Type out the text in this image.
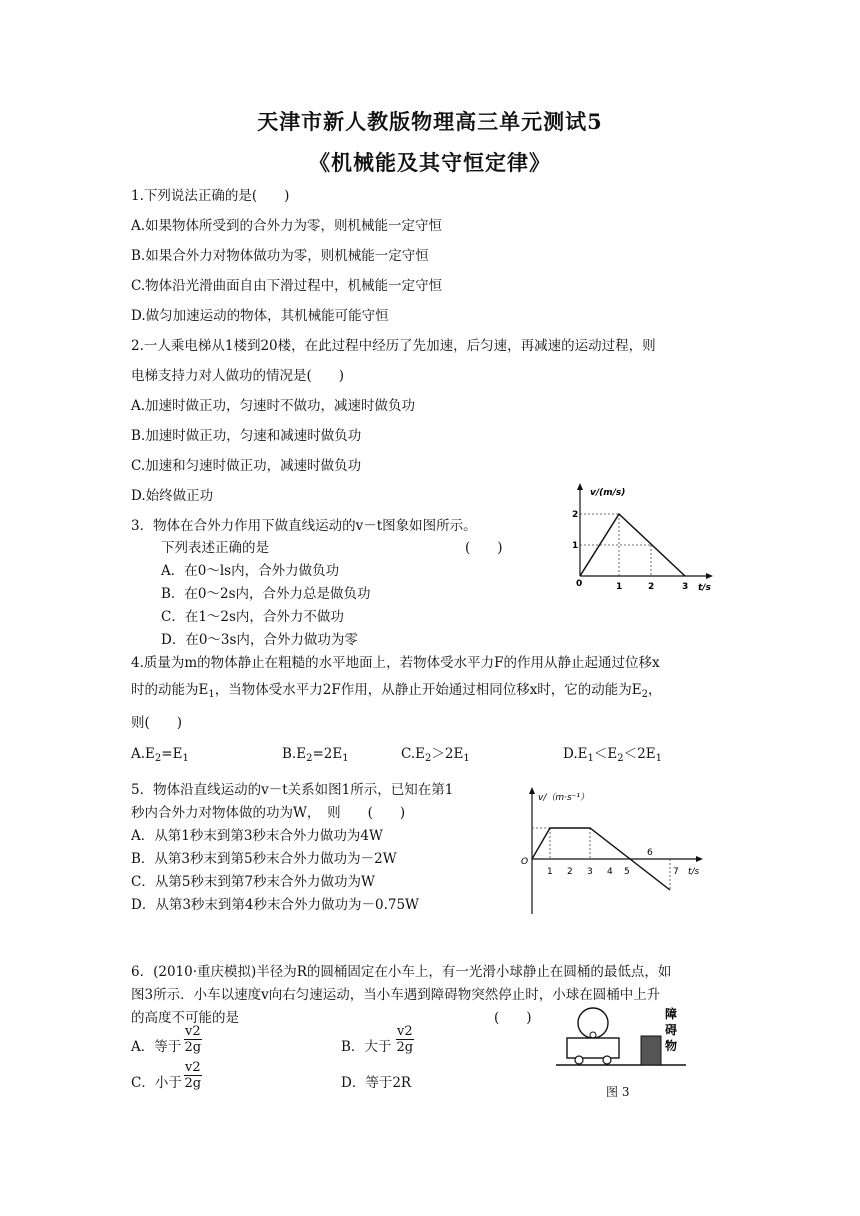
天津市新人教版物理高三单元测试5
《机械能及其守恒定律》
1.下列说法正确的是(　　)
A.如果物体所受到的合外力为零，则机械能一定守恒
B.如果合外力对物体做功为零，则机械能一定守恒
C.物体沿光滑曲面自由下滑过程中，机械能一定守恒
D.做匀加速运动的物体，其机械能可能守恒
2.一人乘电梯从1楼到20楼，在此过程中经历了先加速，后匀速，再减速的运动过程，则
电梯支持力对人做功的情况是(　　)
A.加速时做正功，匀速时不做功，减速时做负功
B.加速时做正功，匀速和减速时做负功
C.加速和匀速时做正功，减速时做负功
D.始终做正功
3．物体在合外力作用下做直线运动的v－t图象如图所示。
下列表述正确的是	(　　)
A．在0～ls内，合外力做负功
B．在0～2s内，合外力总是做负功
C．在1～2s内，合外力不做功
D．在0～3s内，合外力做功为零
v/(m/s)
t/s
0	1	2	3
1
2
4.质量为m的物体静止在粗糙的水平地面上，若物体受水平力F的作用从静止起通过位移x
时的动能为$E_1$，当物体受水平力2F作用，从静止开始通过相同位移x时，它的动能为$E_2$，
则(　　)
$A.E_2=E_1$	$B.E_2=2E_1$	$C.E_2>2E_1$	$D.E_1<E_2<2E_1$
5．物体沿直线运动的v－t关系如图1所示，已知在第1
秒内合外力对物体做的功为W，　则　　(　　)
A．从第1秒末到第3秒末合外力做功为4W
B．从第3秒末到第5秒末合外力做功为－2W
C．从第5秒末到第7秒末合外力做功为W
D．从第3秒末到第4秒末合外力做功为－0.75W
v/（m·s⁻¹）
t/s
O
1 2 3 4 5
6
7
6．(2010·重庆模拟)半径为R的圆桶固定在小车上，有一光滑小球静止在圆桶的最低点，如
图3所示．小车以速度v向右匀速运动，当小车遇到障碍物突然停止时，小球在圆桶中上升
的高度不可能的是	(　　)
A．等于 $\frac{v2}{2g}$	B．大于 $\frac{v2}{2g}$
C．小于 $\frac{v2}{2g}$	D．等于2R
障
碍
物
图 3
